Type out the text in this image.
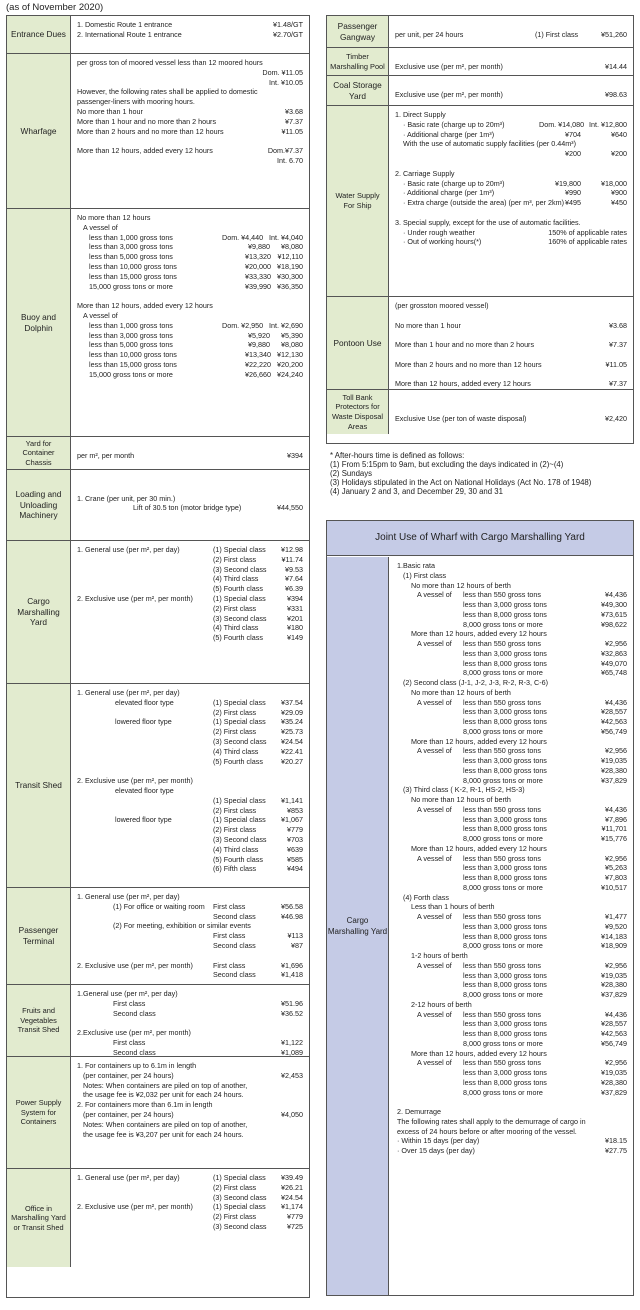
(as of November 2020)
Entrance Dues
1. Domestic Route 1 entrance	¥1.48/GT
2. International Route 1 entrance	¥2.70/GT
Wharfage
per gross ton of moored vessel less than 12 moored hours
Dom. ¥11.05
Int. ¥10.05
However, the following rates shall be applied to domestic
passenger-liners with mooring hours.
No more than 1 hour	¥3.68
More than 1 hour and no more than 2 hours	¥7.37
More than 2 hours and no more than 12 hours	¥11.05
More than 12 hours, added every 12 hours	Dom.¥7.37
Int. 6.70
Buoy and Dolphin
No more than 12 hours
A vessel of
less than 1,000 gross tons	Dom. ¥4,440 Int. ¥4,040
less than 3,000 gross tons	¥9,880 ¥8,080
less than 5,000 gross tons	¥13,320 ¥12,110
less than 10,000 gross tons	¥20,000 ¥18,190
less than 15,000 gross tons	¥33,330 ¥30,300
15,000 gross tons or more	¥39,990 ¥36,350
More than 12 hours, added every 12 hours
A vessel of
less than 1,000 gross tons	Dom. ¥2,950 Int. ¥2,690
less than 3,000 gross tons	¥5,920 ¥5,390
less than 5,000 gross tons	¥9,880 ¥8,080
less than 10,000 gross tons	¥13,340 ¥12,130
less than 15,000 gross tons	¥22,220 ¥20,200
15,000 gross tons or more	¥26,660 ¥24,240
Yard for Container Chassis
per m², per month	¥394
Loading and Unloading Machinery
1. Crane (per unit, per 30 min.)
Lift of 30.5 ton (motor bridge type)	¥44,550
Cargo Marshalling Yard
1. General use (per m², per day)	(1) Special class ¥12.98
(2) First class	¥11.74
(3) Second class	¥9.53
(4) Third class	¥7.64
(5) Fourth class	¥6.39
2. Exclusive use (per m², per month)	(1) Special class	¥394
(2) First class	¥331
(3) Second class	¥201
(4) Third class	¥180
(5) Fourth class	¥149
Transit Shed
1. General use (per m², per day)
elevated floor type	(1) Special class ¥37.54
(2) First class	¥29.09
lowered floor type	(1) Special class ¥35.24
(2) First class	¥25.73
(3) Second class ¥24.54
(4) Third class	¥22.41
(5) Fourth class	¥20.27
2. Exclusive use (per m², per month)
elevated floor type
(1) Special class ¥1,141
(2) First class	¥853
lowered floor type	(1) Special class ¥1,067
(2) First class	¥779
(3) Second class	¥703
(4) Third class	¥639
(5) Fourth class	¥585
(6) Fifth class	¥494
Passenger Terminal
1. General use (per m², per day)
(1) For office or waiting room First class	¥56.58
Second class	¥46.98
(2) For meeting, exhibition or similar events
First class	¥113
Second class	¥87
2. Exclusive use (per m², per month)	First class	¥1,696
Second class	¥1,418
Fruits and Vegetables Transit Shed
1.General use (per m², per day)
First class	¥51.96
Second class	¥36.52
2.Exclusive use (per m², per month)
First class	¥1,122
Second class	¥1,089
Power Supply System for Containers
1. For containers up to 6.1m in length
(per container, per 24 hours)	¥2,453
Notes: When containers are piled on top of another,
the usage fee is ¥2,032 per unit for each 24 hours.
2. For containers more than 6.1m in length
(per container, per 24 hours)	¥4,050
Notes: When containers are piled on top of another,
the usage fee is ¥3,207 per unit for each 24 hours.
Office in Marshalling Yard or Transit Shed
1. General use (per m², per day)	(1) Special class ¥39.49
(2) First class	¥26.21
(3) Second class ¥24.54
2. Exclusive use (per m², per month)	(1) Special class ¥1,174
(2) First class	¥779
(3) Second class	¥725
Passenger Gangway	per unit, per 24 hours	(1) First class	¥51,260
Timber Marshalling Pool	Exclusive use (per m², per month)	¥14.44
Coal Storage Yard	Exclusive use (per m², per month)	¥98.63
Water Supply For Ship
1. Direct Supply
· Basic rate (charge up to 20m³)	Dom. ¥14,080 Int. ¥12,800
· Additional charge (per 1m³)	¥704	¥640
With the use of automatic supply facilities (per 0.44m³)
¥200	¥200
2. Carriage Supply
· Basic rate (charge up to 20m³)	¥19,800	¥18,000
· Additional charge (per 1m³)	¥990	¥900
· Extra charge (outside the area) (per m³, per 2km) ¥495	¥450
3. Special supply, except for the use of automatic facilities.
· Under rough weather	150% of applicable rates
· Out of working hours(*)	160% of applicable rates
Pontoon Use
(per grosston moored vessel)
No more than 1 hour	¥3.68
More than 1 hour and no more than 2 hours	¥7.37
More than 2 hours and no more than 12 hours	¥11.05
More than 12 hours, added every 12 hours	¥7.37
Toll Bank Protectors for Waste Disposal Areas
Exclusive Use (per ton of waste disposal)	¥2,420
* After-hours time is defined as follows:
(1) From 5:15pm to 9am, but excluding the days indicated in (2)~(4)
(2) Sundays
(3) Holidays stipulated in the Act on National Holidays (Act No. 178 of 1948)
(4) January 2 and 3, and December 29, 30 and 31
Joint Use of Wharf with Cargo Marshalling Yard
Cargo Marshalling Yard
1.Basic rata
(1) First class
No more than 12 hours of berth
A vessel of less than 550 gross tons	¥4,436
less than 3,000 gross tons	¥49,300
less than 8,000 gross tons	¥73,615
8,000 gross tons or more	¥98,622
More than 12 hours, added every 12 hours
A vessel of less than 550 gross tons	¥2,956
less than 3,000 gross tons	¥32,863
less than 8,000 gross tons	¥49,070
8,000 gross tons or more	¥65,748
(2) Second class (J-1, J-2, J-3, R-2, R-3, C-6)
No more than 12 hours of berth
A vessel of less than 550 gross tons	¥4,436
less than 3,000 gross tons	¥28,557
less than 8,000 gross tons	¥42,563
8,000 gross tons or more	¥56,749
More than 12 hours, added every 12 hours
A vessel of less than 550 gross tons	¥2,956
less than 3,000 gross tons	¥19,035
less than 8,000 gross tons	¥28,380
8,000 gross tons or more	¥37,829
(3) Third class ( K-2, R-1, HS-2, HS-3)
No more than 12 hours of berth
A vessel of less than 550 gross tons	¥4,436
less than 3,000 gross tons	¥7,896
less than 8,000 gross tons	¥11,701
8,000 gross tons or more	¥15,776
More than 12 hours, added every 12 hours
A vessel of less than 550 gross tons	¥2,956
less than 3,000 gross tons	¥5,263
less than 8,000 gross tons	¥7,803
8,000 gross tons or more	¥10,517
(4) Forth class
Less than 1 hours of berth
A vessel of less than 550 gross tons	¥1,477
less than 3,000 gross tons	¥9,520
less than 8,000 gross tons	¥14,183
8,000 gross tons or more	¥18,909
1-2 hours of berth
A vessel of less than 550 gross tons	¥2,956
less than 3,000 gross tons	¥19,035
less than 8,000 gross tons	¥28,380
8,000 gross tons or more	¥37,829
2-12 hours of berth
A vessel of less than 550 gross tons	¥4,436
less than 3,000 gross tons	¥28,557
less than 8,000 gross tons	¥42,563
8,000 gross tons or more	¥56,749
More than 12 hours, added every 12 hours
A vessel of less than 550 gross tons	¥2,956
less than 3,000 gross tons	¥19,035
less than 8,000 gross tons	¥28,380
8,000 gross tons or more	¥37,829
2. Demurrage
The following rates shall apply to the demurrage of cargo in
excess of 24 hours before or after mooring of the vessel.
· Within 15 days (per day)	¥18.15
· Over 15 days (per day)	¥27.75
